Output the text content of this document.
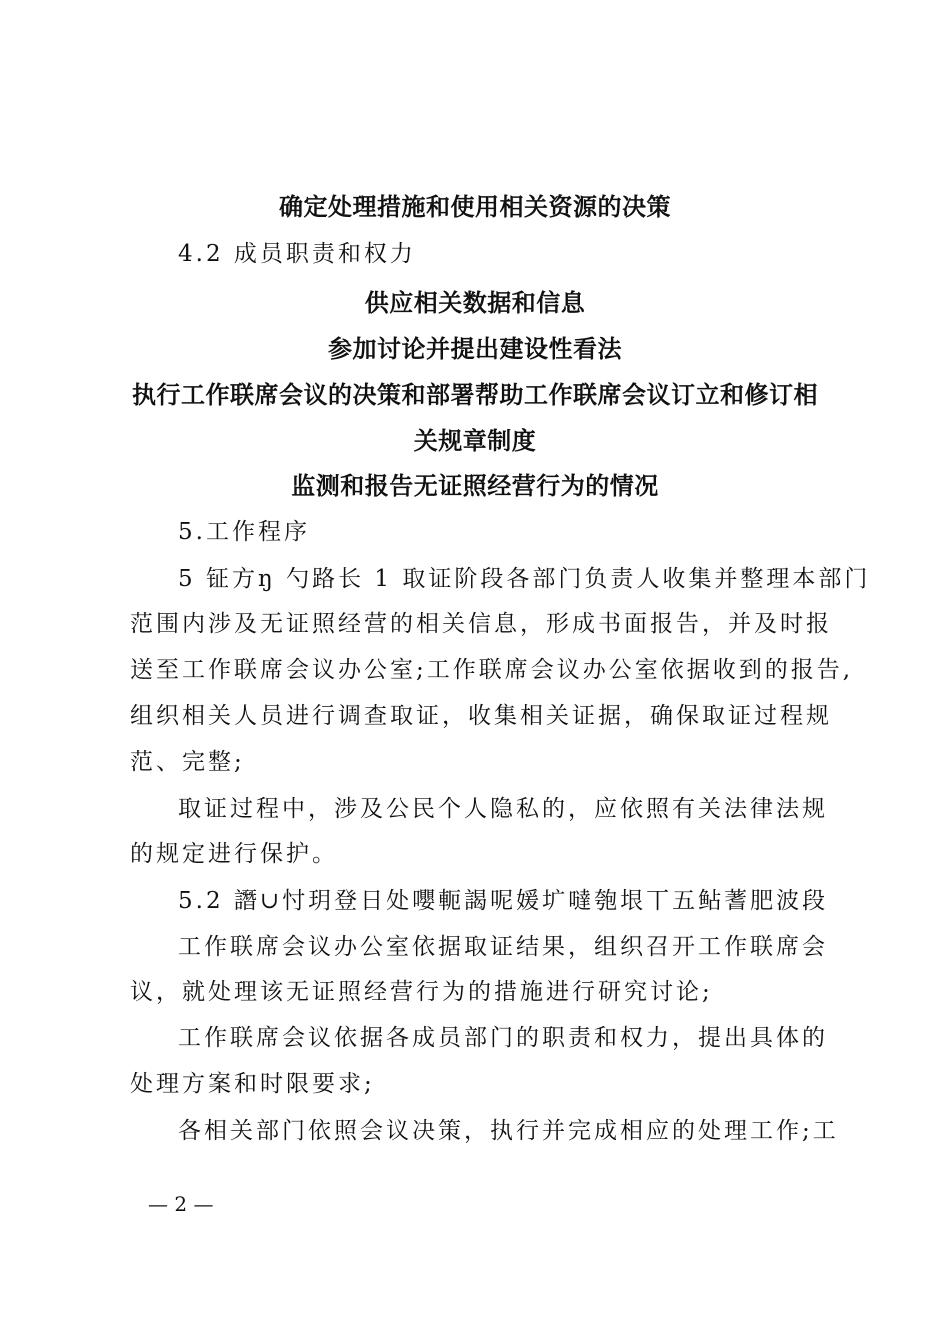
确定处理措施和使用相关资源的决策
4.2 成员职责和权力
供应相关数据和信息
参加讨论并提出建设性看法
执行工作联席会议的决策和部署帮助工作联席会议订立和修订相
关规章制度
监测和报告无证照经营行为的情况
5.工作程序
5 钲方ŋ 勺路长 1 取证阶段各部门负责人收集并整理本部门
范围内涉及无证照经营的相关信息，形成书面报告，并及时报
送至工作联席会议办公室;工作联席会议办公室依据收到的报告,
组织相关人员进行调查取证，收集相关证据，确保取证过程规
范、完整;
取证过程中，涉及公民个人隐私的，应依照有关法律法规
的规定进行保护。
5.2 譖∪忖玥登日处嚶軛謁呢媛圹噠匏垠丅五鲇蓍肥波段
工作联席会议办公室依据取证结果，组织召开工作联席会
议，就处理该无证照经营行为的措施进行研究讨论;
工作联席会议依据各成员部门的职责和权力，提出具体的
处理方案和时限要求;
各相关部门依照会议决策，执行并完成相应的处理工作;工
— 2 —
